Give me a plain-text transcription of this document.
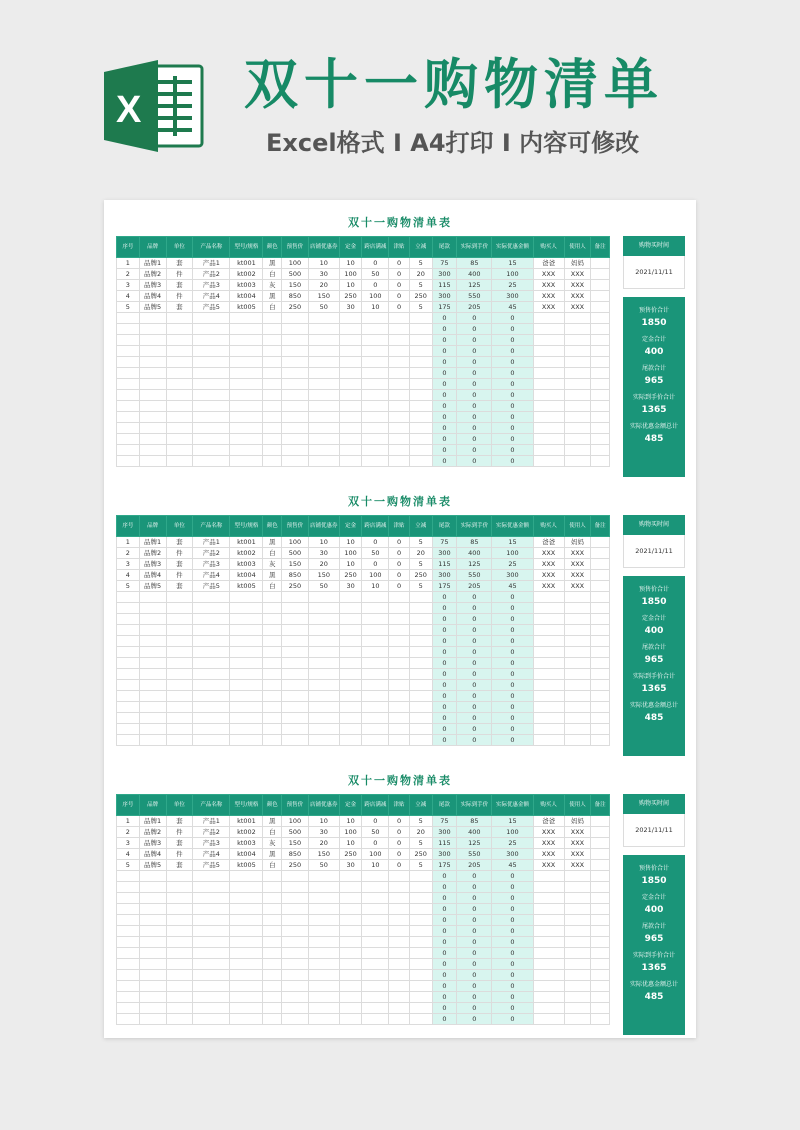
X 双十一购物清单
Excel格式 I A4打印 I 内容可修改
双十一购物清单表
序号	品牌	单位	产品名称	型号/规格	颜色	预售价	店铺优惠券	定金	跨店满减	津贴	立减	尾款	实际到手价	实际优惠金额	购买人	使用人	备注
1	品牌1	套	产品1	kt001	黑	100	10	10	0	0	5	75	85	15	爸爸	妈妈	
2	品牌2	件	产品2	kt002	白	500	30	100	50	0	20	300	400	100	XXX	XXX	
3	品牌3	套	产品3	kt003	灰	150	20	10	0	0	5	115	125	25	XXX	XXX	
4	品牌4	件	产品4	kt004	黑	850	150	250	100	0	250	300	550	300	XXX	XXX	
5	品牌5	套	产品5	kt005	白	250	50	30	10	0	5	175	205	45	XXX	XXX	
												0	0	0			
												0	0	0			
												0	0	0			
												0	0	0			
												0	0	0			
												0	0	0			
												0	0	0			
												0	0	0			
												0	0	0			
												0	0	0			
												0	0	0			
												0	0	0			
												0	0	0			
												0	0	0			
购物买时间
2021/11/11
预售价合计
1850
定金合计
400
尾款合计
965
实际到手价合计
1365
实际优惠金额总计
485
双十一购物清单表
序号	品牌	单位	产品名称	型号/规格	颜色	预售价	店铺优惠券	定金	跨店满减	津贴	立减	尾款	实际到手价	实际优惠金额	购买人	使用人	备注
1	品牌1	套	产品1	kt001	黑	100	10	10	0	0	5	75	85	15	爸爸	妈妈	
2	品牌2	件	产品2	kt002	白	500	30	100	50	0	20	300	400	100	XXX	XXX	
3	品牌3	套	产品3	kt003	灰	150	20	10	0	0	5	115	125	25	XXX	XXX	
4	品牌4	件	产品4	kt004	黑	850	150	250	100	0	250	300	550	300	XXX	XXX	
5	品牌5	套	产品5	kt005	白	250	50	30	10	0	5	175	205	45	XXX	XXX	
												0	0	0			
												0	0	0			
												0	0	0			
												0	0	0			
												0	0	0			
												0	0	0			
												0	0	0			
												0	0	0			
												0	0	0			
												0	0	0			
												0	0	0			
												0	0	0			
												0	0	0			
												0	0	0			
购物买时间
2021/11/11
预售价合计
1850
定金合计
400
尾款合计
965
实际到手价合计
1365
实际优惠金额总计
485
双十一购物清单表
序号	品牌	单位	产品名称	型号/规格	颜色	预售价	店铺优惠券	定金	跨店满减	津贴	立减	尾款	实际到手价	实际优惠金额	购买人	使用人	备注
1	品牌1	套	产品1	kt001	黑	100	10	10	0	0	5	75	85	15	爸爸	妈妈	
2	品牌2	件	产品2	kt002	白	500	30	100	50	0	20	300	400	100	XXX	XXX	
3	品牌3	套	产品3	kt003	灰	150	20	10	0	0	5	115	125	25	XXX	XXX	
4	品牌4	件	产品4	kt004	黑	850	150	250	100	0	250	300	550	300	XXX	XXX	
5	品牌5	套	产品5	kt005	白	250	50	30	10	0	5	175	205	45	XXX	XXX	
												0	0	0			
												0	0	0			
												0	0	0			
												0	0	0			
												0	0	0			
												0	0	0			
												0	0	0			
												0	0	0			
												0	0	0			
												0	0	0			
												0	0	0			
												0	0	0			
												0	0	0			
												0	0	0			
购物买时间
2021/11/11
预售价合计
1850
定金合计
400
尾款合计
965
实际到手价合计
1365
实际优惠金额总计
485
